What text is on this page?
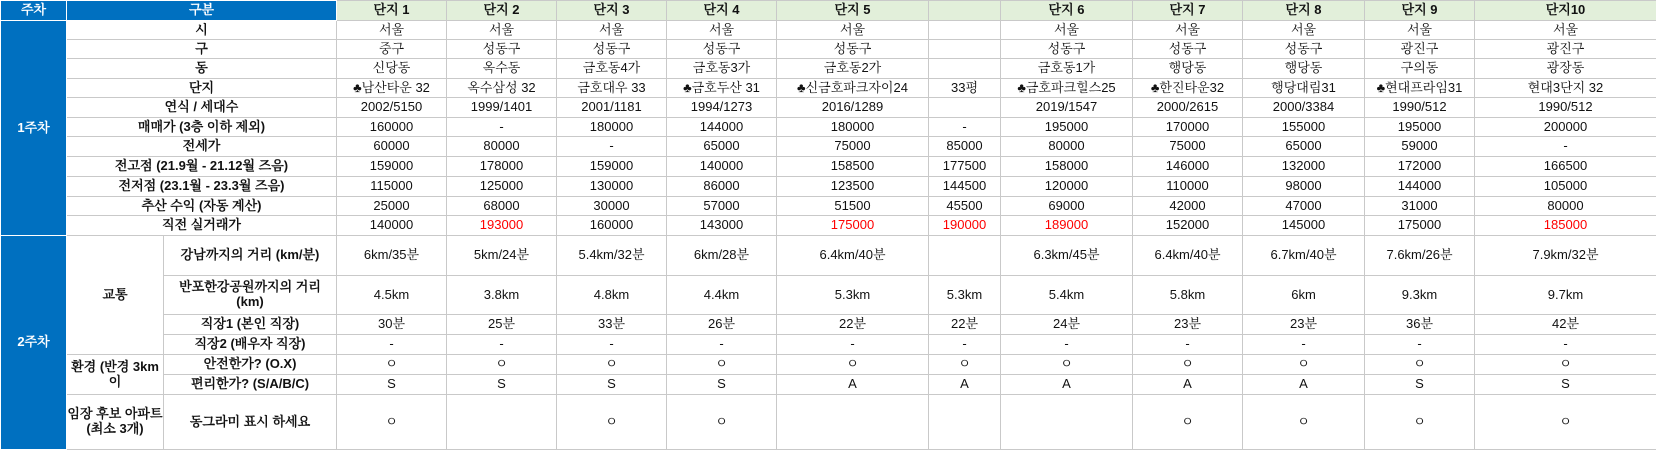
주차	구분		단지 1	단지 2	단지 3	단지 4	단지 5		단지 6	단지 7	단지 8	단지 9	단지10
1주차	시		서울	서울	서울	서울	서울		서울	서울	서울	서울	서울
	구		중구	성동구	성동구	성동구	성동구		성동구	성동구	성동구	광진구	광진구
	동		신당동	옥수동	금호동4가	금호동3가	금호동2가		금호동1가	행당동	행당동	구의동	광장동
	단지		♣남산타운 32	옥수삼성 32	금호대우 33	♣금호두산 31	♣신금호파크자이24	33평	♣금호파크힐스25	♣한진타운32	행당대림31	♣현대프라임31	현대3단지 32
	연식 / 세대수		2002/5150	1999/1401	2001/1181	1994/1273	2016/1289		2019/1547	2000/2615	2000/3384	1990/512	1990/512
	매매가 (3층 이하 제외)		160000	-	180000	144000	180000	-	195000	170000	155000	195000	200000
	전세가		60000	80000	-	65000	75000	85000	80000	75000	65000	59000	-
	전고점 (21.9월 - 21.12월 즈음)		159000	178000	159000	140000	158500	177500	158000	146000	132000	172000	166500
	전저점 (23.1월 - 23.3월 즈음)		115000	125000	130000	86000	123500	144500	120000	110000	98000	144000	105000
	추산 수익 (자동 계산)		25000	68000	30000	57000	51500	45500	69000	42000	47000	31000	80000
	직전 실거래가		140000	193000	160000	143000	175000	190000	189000	152000	145000	175000	185000
2주차	교통	강남까지의 거리 (km/분)	6km/35분	5km/24분	5.4km/32분	6km/28분	6.4km/40분		6.3km/45분	6.4km/40분	6.7km/40분	7.6km/26분	7.9km/32분
		반포한강공원까지의 거리 (km)	4.5km	3.8km	4.8km	4.4km	5.3km	5.3km	5.4km	5.8km	6km	9.3km	9.7km
		직장1 (본인 직장)	30분	25분	33분	26분	22분	22분	24분	23분	23분	36분	42분
		직장2 (배우자 직장)	-	-	-	-	-	-	-	-	-	-	-
	환경 (반경 3km이	안전한가? (O.X)	ㅇ	ㅇ	ㅇ	ㅇ	ㅇ	ㅇ	ㅇ	ㅇ	ㅇ	ㅇ	ㅇ
		편리한가? (S/A/B/C)	S	S	S	S	A	A	A	A	A	S	S
	임장 후보 아파트 (최소 3개)	동그라미 표시 하세요	ㅇ		ㅇ	ㅇ				ㅇ	ㅇ	ㅇ	ㅇ
